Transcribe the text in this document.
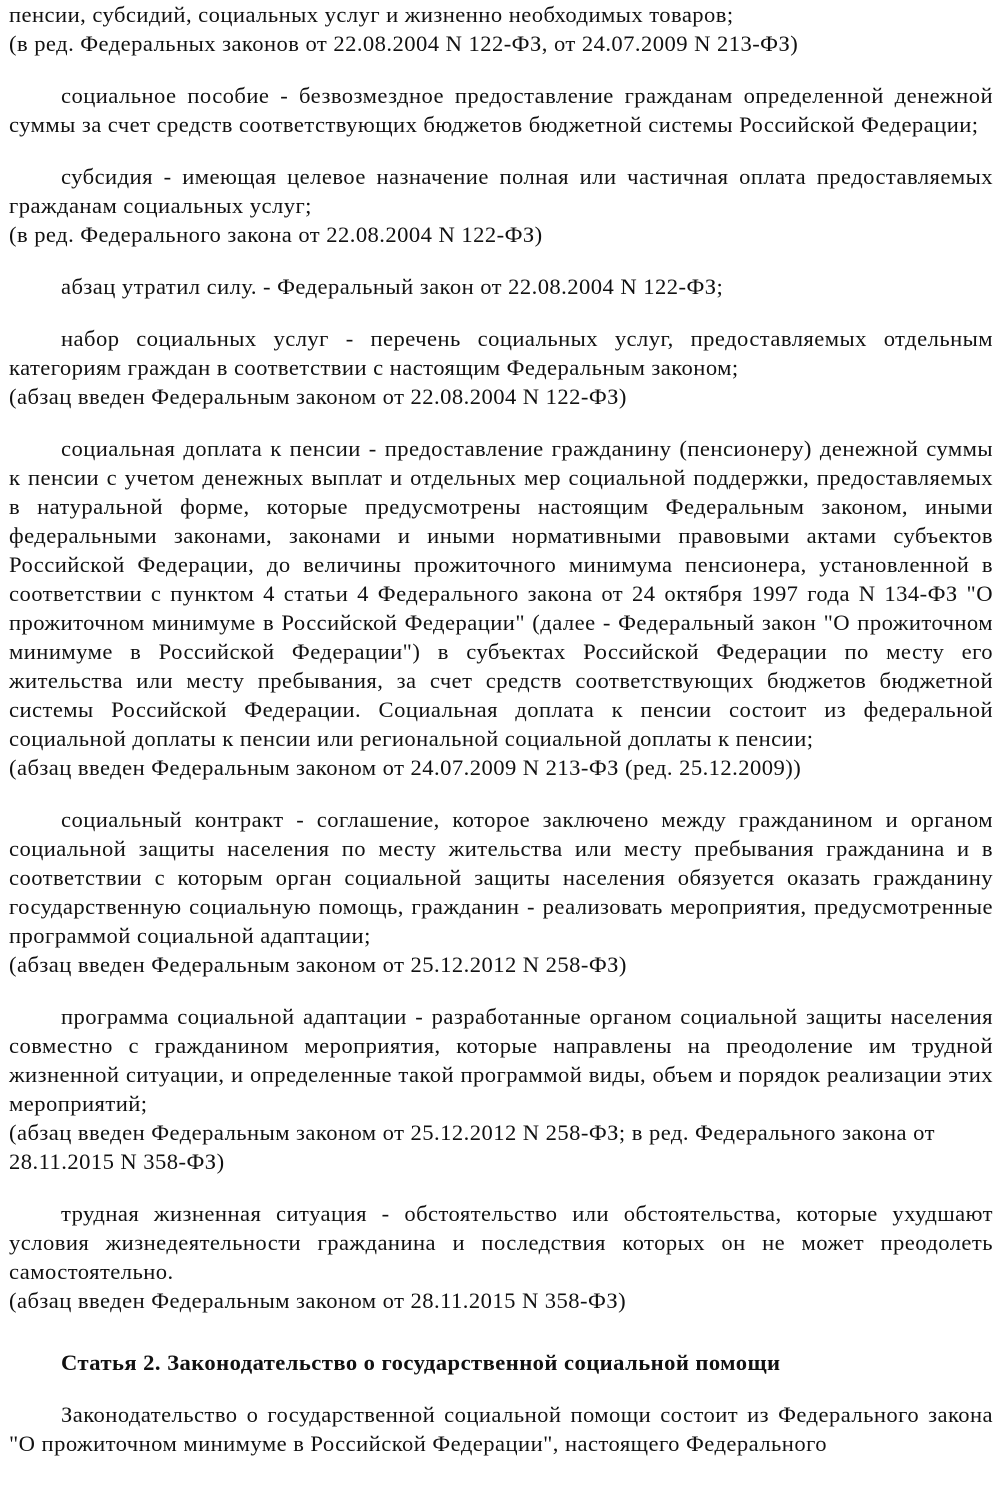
пенсии, субсидий, социальных услуг и жизненно необходимых товаров;
(в ред. Федеральных законов от 22.08.2004 N 122-ФЗ, от 24.07.2009 N 213-ФЗ)
социальное пособие - безвозмездное предоставление гражданам определенной денежной суммы за счет средств соответствующих бюджетов бюджетной системы Российской Федерации;
субсидия - имеющая целевое назначение полная или частичная оплата предоставляемых гражданам социальных услуг;
(в ред. Федерального закона от 22.08.2004 N 122-ФЗ)
абзац утратил силу. - Федеральный закон от 22.08.2004 N 122-ФЗ;
набор социальных услуг - перечень социальных услуг, предоставляемых отдельным категориям граждан в соответствии с настоящим Федеральным законом;
(абзац введен Федеральным законом от 22.08.2004 N 122-ФЗ)
социальная доплата к пенсии - предоставление гражданину (пенсионеру) денежной суммы к пенсии с учетом денежных выплат и отдельных мер социальной поддержки, предоставляемых в натуральной форме, которые предусмотрены настоящим Федеральным законом, иными федеральными законами, законами и иными нормативными правовыми актами субъектов Российской Федерации, до величины прожиточного минимума пенсионера, установленной в соответствии с пунктом 4 статьи 4 Федерального закона от 24 октября 1997 года N 134-ФЗ "О прожиточном минимуме в Российской Федерации" (далее - Федеральный закон "О прожиточном минимуме в Российской Федерации") в субъектах Российской Федерации по месту его жительства или месту пребывания, за счет средств соответствующих бюджетов бюджетной системы Российской Федерации. Социальная доплата к пенсии состоит из федеральной социальной доплаты к пенсии или региональной социальной доплаты к пенсии;
(абзац введен Федеральным законом от 24.07.2009 N 213-ФЗ (ред. 25.12.2009))
социальный контракт - соглашение, которое заключено между гражданином и органом социальной защиты населения по месту жительства или месту пребывания гражданина и в соответствии с которым орган социальной защиты населения обязуется оказать гражданину государственную социальную помощь, гражданин - реализовать мероприятия, предусмотренные программой социальной адаптации;
(абзац введен Федеральным законом от 25.12.2012 N 258-ФЗ)
программа социальной адаптации - разработанные органом социальной защиты населения совместно с гражданином мероприятия, которые направлены на преодоление им трудной жизненной ситуации, и определенные такой программой виды, объем и порядок реализации этих мероприятий;
(абзац введен Федеральным законом от 25.12.2012 N 258-ФЗ; в ред. Федерального закона от 28.11.2015 N 358-ФЗ)
трудная жизненная ситуация - обстоятельство или обстоятельства, которые ухудшают условия жизнедеятельности гражданина и последствия которых он не может преодолеть самостоятельно.
(абзац введен Федеральным законом от 28.11.2015 N 358-ФЗ)
Статья 2. Законодательство о государственной социальной помощи
Законодательство о государственной социальной помощи состоит из Федерального закона "О прожиточном минимуме в Российской Федерации", настоящего Федерального
